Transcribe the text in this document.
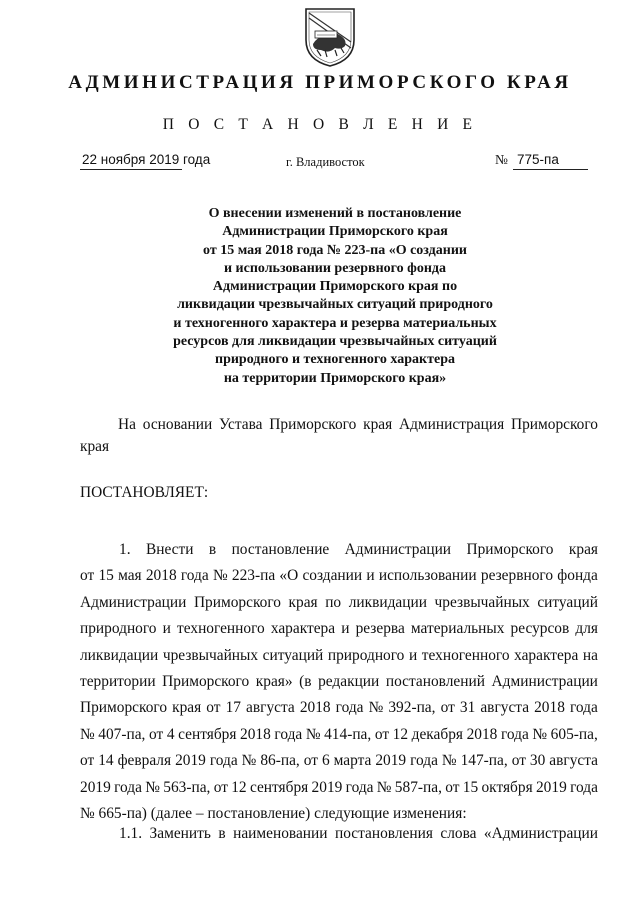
АДМИНИСТРАЦИЯ ПРИМОРСКОГО КРАЯ
П О С Т А Н О В Л Е Н И Е
22 ноября 2019 года	г. Владивосток	№ 775-па
О внесении изменений в постановление
Администрации Приморского края
от 15 мая 2018 года № 223-па «О создании
и использовании резервного фонда
Администрации Приморского края по
ликвидации чрезвычайных ситуаций природного
и техногенного характера и резерва материальных
ресурсов для ликвидации чрезвычайных ситуаций
природного и техногенного характера
на территории Приморского края»
На основании Устава Приморского края Администрация Приморского
края
ПОСТАНОВЛЯЕТ:
1. Внести в постановление Администрации Приморского края
от 15 мая 2018 года № 223-па «О создании и использовании резервного фонда
Администрации Приморского края по ликвидации чрезвычайных ситуаций
природного и техногенного характера и резерва материальных ресурсов для
ликвидации чрезвычайных ситуаций природного и техногенного характера на
территории Приморского края» (в редакции постановлений Администрации
Приморского края от 17 августа 2018 года № 392-па, от 31 августа 2018 года
№ 407-па, от 4 сентября 2018 года № 414-па, от 12 декабря 2018 года № 605-па,
от 14 февраля 2019 года № 86-па, от 6 марта 2019 года № 147-па, от 30 августа
2019 года № 563-па, от 12 сентября 2019 года № 587-па, от 15 октября 2019 года
№ 665-па) (далее – постановление) следующие изменения:
1.1. Заменить в наименовании постановления слова «Администрации
